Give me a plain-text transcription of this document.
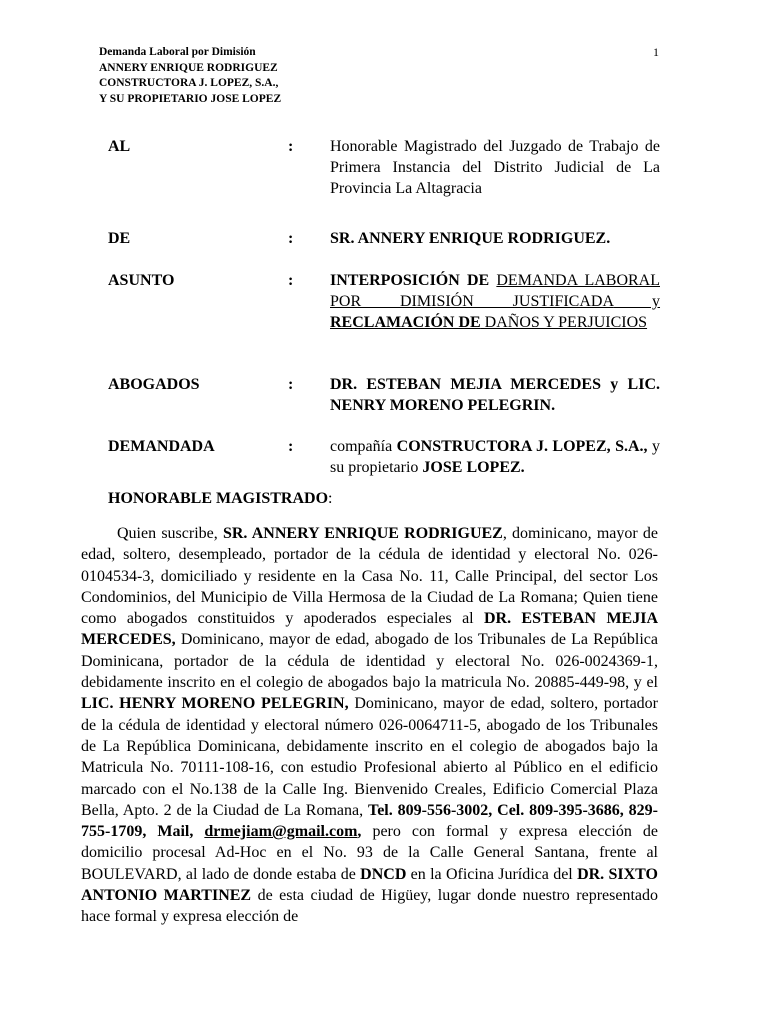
Demanda Laboral por Dimisión
ANNERY ENRIQUE RODRIGUEZ
CONSTRUCTORA J. LOPEZ, S.A.,
Y SU PROPIETARIO JOSE LOPEZ
1
AL	:	Honorable Magistrado del Juzgado de Trabajo de Primera Instancia del Distrito Judicial de La Provincia La Altagracia
DE	:	SR. ANNERY ENRIQUE RODRIGUEZ.
ASUNTO	:	INTERPOSICIÓN DE DEMANDA LABORAL POR DIMISIÓN JUSTIFICADA y RECLAMACIÓN DE DAÑOS Y PERJUICIOS
ABOGADOS	:	DR. ESTEBAN MEJIA MERCEDES y LIC. NENRY MORENO PELEGRIN.
DEMANDADA	:	compañía CONSTRUCTORA J. LOPEZ, S.A., y su propietario JOSE LOPEZ.
HONORABLE MAGISTRADO:

Quien suscribe, SR. ANNERY ENRIQUE RODRIGUEZ, dominicano, mayor de edad, soltero, desempleado, portador de la cédula de identidad y electoral No. 026-0104534-3, domiciliado y residente en la Casa No. 11, Calle Principal, del sector Los Condominios, del Municipio de Villa Hermosa de la Ciudad de La Romana; Quien tiene como abogados constituidos y apoderados especiales al DR. ESTEBAN MEJIA MERCEDES, Dominicano, mayor de edad, abogado de los Tribunales de La República Dominicana, portador de la cédula de identidad y electoral No. 026-0024369-1, debidamente inscrito en el colegio de abogados bajo la matricula No. 20885-449-98, y el LIC. HENRY MORENO PELEGRIN, Dominicano, mayor de edad, soltero, portador de la cédula de identidad y electoral número 026-0064711-5, abogado de los Tribunales de La República Dominicana, debidamente inscrito en el colegio de abogados bajo la Matricula No. 70111-108-16, con estudio Profesional abierto al Público en el edificio marcado con el No.138 de la Calle Ing. Bienvenido Creales, Edificio Comercial Plaza Bella, Apto. 2 de la Ciudad de La Romana, Tel. 809-556-3002, Cel. 809-395-3686, 829-755-1709, Mail, drmejiam@gmail.com, pero con formal y expresa elección de domicilio procesal Ad-Hoc en el No. 93 de la Calle General Santana, frente al BOULEVARD, al lado de donde estaba de DNCD en la Oficina Jurídica del DR. SIXTO ANTONIO MARTINEZ de esta ciudad de Higüey, lugar donde nuestro representado hace formal y expresa elección de
